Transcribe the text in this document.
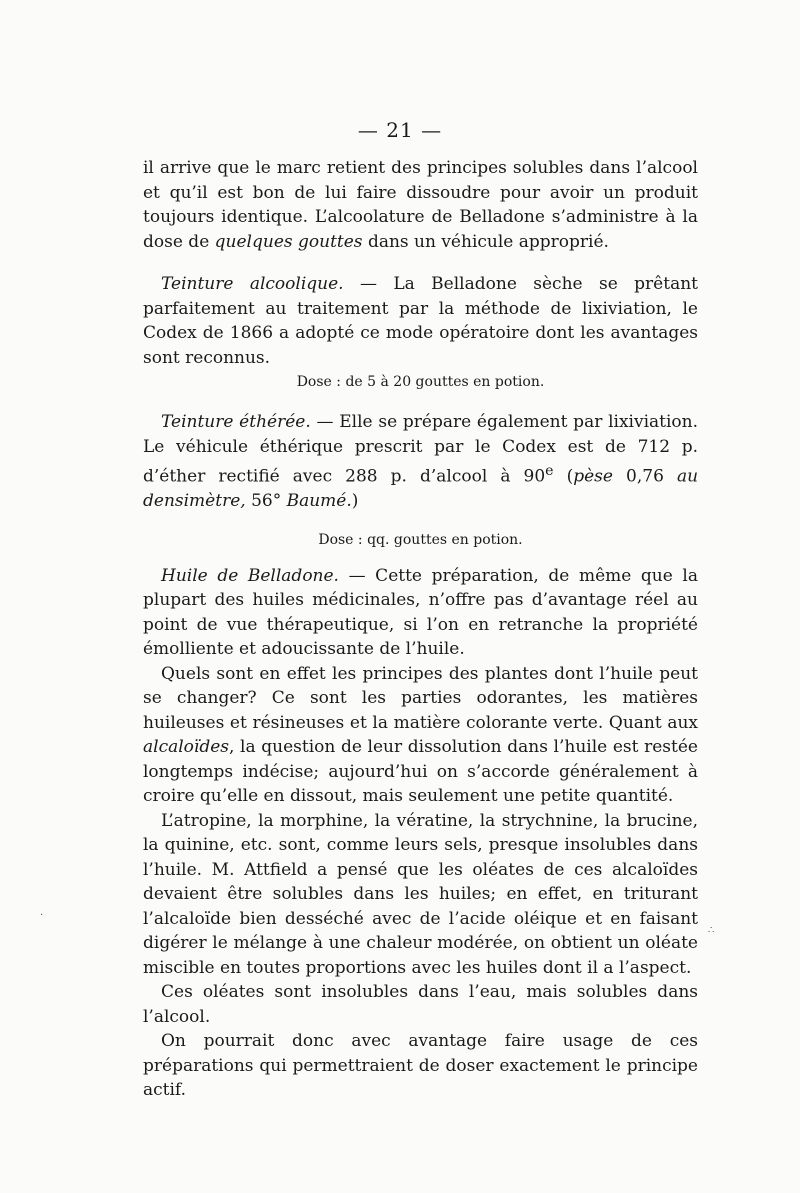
— 21 —

il arrive que le marc retient des principes solubles dans l’alcool et qu’il est bon de lui faire dissoudre pour avoir un produit toujours identique. L’alcoolature de Belladone s’administre à la dose de quelques gouttes dans un véhicule approprié.

Teinture alcoolique. — La Belladone sèche se prêtant parfaitement au traitement par la méthode de lixiviation, le Codex de 1866 a adopté ce mode opératoire dont les avantages sont reconnus.

Dose : de 5 à 20 gouttes en potion.

Teinture éthérée. — Elle se prépare également par lixiviation. Le véhicule éthérique prescrit par le Codex est de 712 p. d’éther rectifié avec 288 p. d’alcool à 90e (pèse 0,76 au densimètre, 56° Baumé.)

Dose : qq. gouttes en potion.

Huile de Belladone. — Cette préparation, de même que la plupart des huiles médicinales, n’offre pas d’avantage réel au point de vue thérapeutique, si l’on en retranche la propriété émolliente et adoucissante de l’huile.

Quels sont en effet les principes des plantes dont l’huile peut se changer? Ce sont les parties odorantes, les matières huileuses et résineuses et la matière colorante verte. Quant aux alcaloïdes, la question de leur dissolution dans l’huile est restée longtemps indécise; aujourd’hui on s’accorde généralement à croire qu’elle en dissout, mais seulement une petite quantité.

L’atropine, la morphine, la vératine, la strychnine, la brucine, la quinine, etc. sont, comme leurs sels, presque insolubles dans l’huile. M. Attfield a pensé que les oléates de ces alcaloïdes devaient être solubles dans les huiles; en effet, en triturant l’alcaloïde bien desséché avec de l’acide oléique et en faisant digérer le mélange à une chaleur modérée, on obtient un oléate miscible en toutes proportions avec les huiles dont il a l’aspect.

Ces oléates sont insolubles dans l’eau, mais solubles dans l’alcool.

On pourrait donc avec avantage faire usage de ces préparations qui permettraient de doser exactement le principe actif.

∴
·
